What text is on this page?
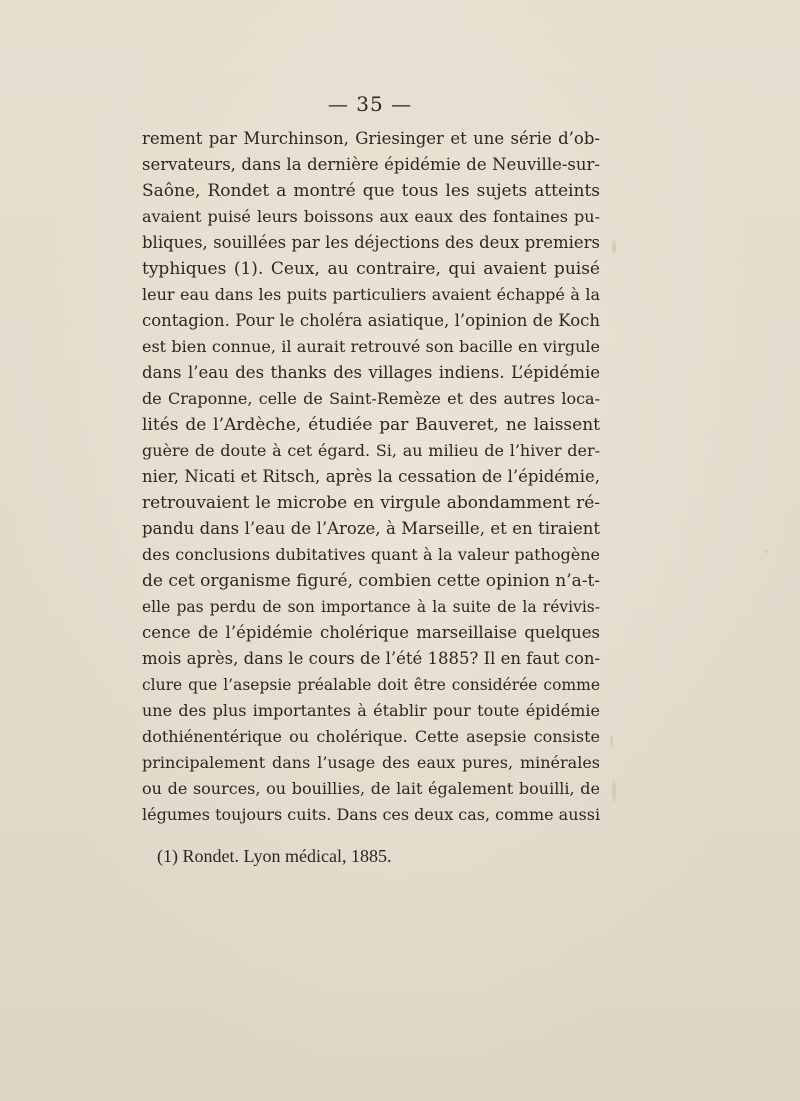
— 35 —
rement par Murchinson, Griesinger et une série d’ob-
servateurs, dans la dernière épidémie de Neuville-sur-
Saône, Rondet a montré que tous les sujets atteints
avaient puisé leurs boissons aux eaux des fontaines pu-
bliques, souillées par les déjections des deux premiers
typhiques (1). Ceux, au contraire, qui avaient puisé
leur eau dans les puits particuliers avaient échappé à la
contagion. Pour le choléra asiatique, l’opinion de Koch
est bien connue, il aurait retrouvé son bacille en virgule
dans l’eau des thanks des villages indiens. L’épidémie
de Craponne, celle de Saint-Remèze et des autres loca-
lités de l’Ardèche, étudiée par Bauveret, ne laissent
guère de doute à cet égard. Si, au milieu de l’hiver der-
nier, Nicati et Ritsch, après la cessation de l’épidémie,
retrouvaient le microbe en virgule abondamment ré-
pandu dans l’eau de l’Aroze, à Marseille, et en tiraient
des conclusions dubitatives quant à la valeur pathogène
de cet organisme figuré, combien cette opinion n’a-t-
elle pas perdu de son importance à la suite de la révivis-
cence de l’épidémie cholérique marseillaise quelques
mois après, dans le cours de l’été 1885? Il en faut con-
clure que l’asepsie préalable doit être considérée comme
une des plus importantes à établir pour toute épidémie
dothiénentérique ou cholérique. Cette asepsie consiste
principalement dans l’usage des eaux pures, minérales
ou de sources, ou bouillies, de lait également bouilli, de
légumes toujours cuits. Dans ces deux cas, comme aussi
(1) Rondet. Lyon médical, 1885.
